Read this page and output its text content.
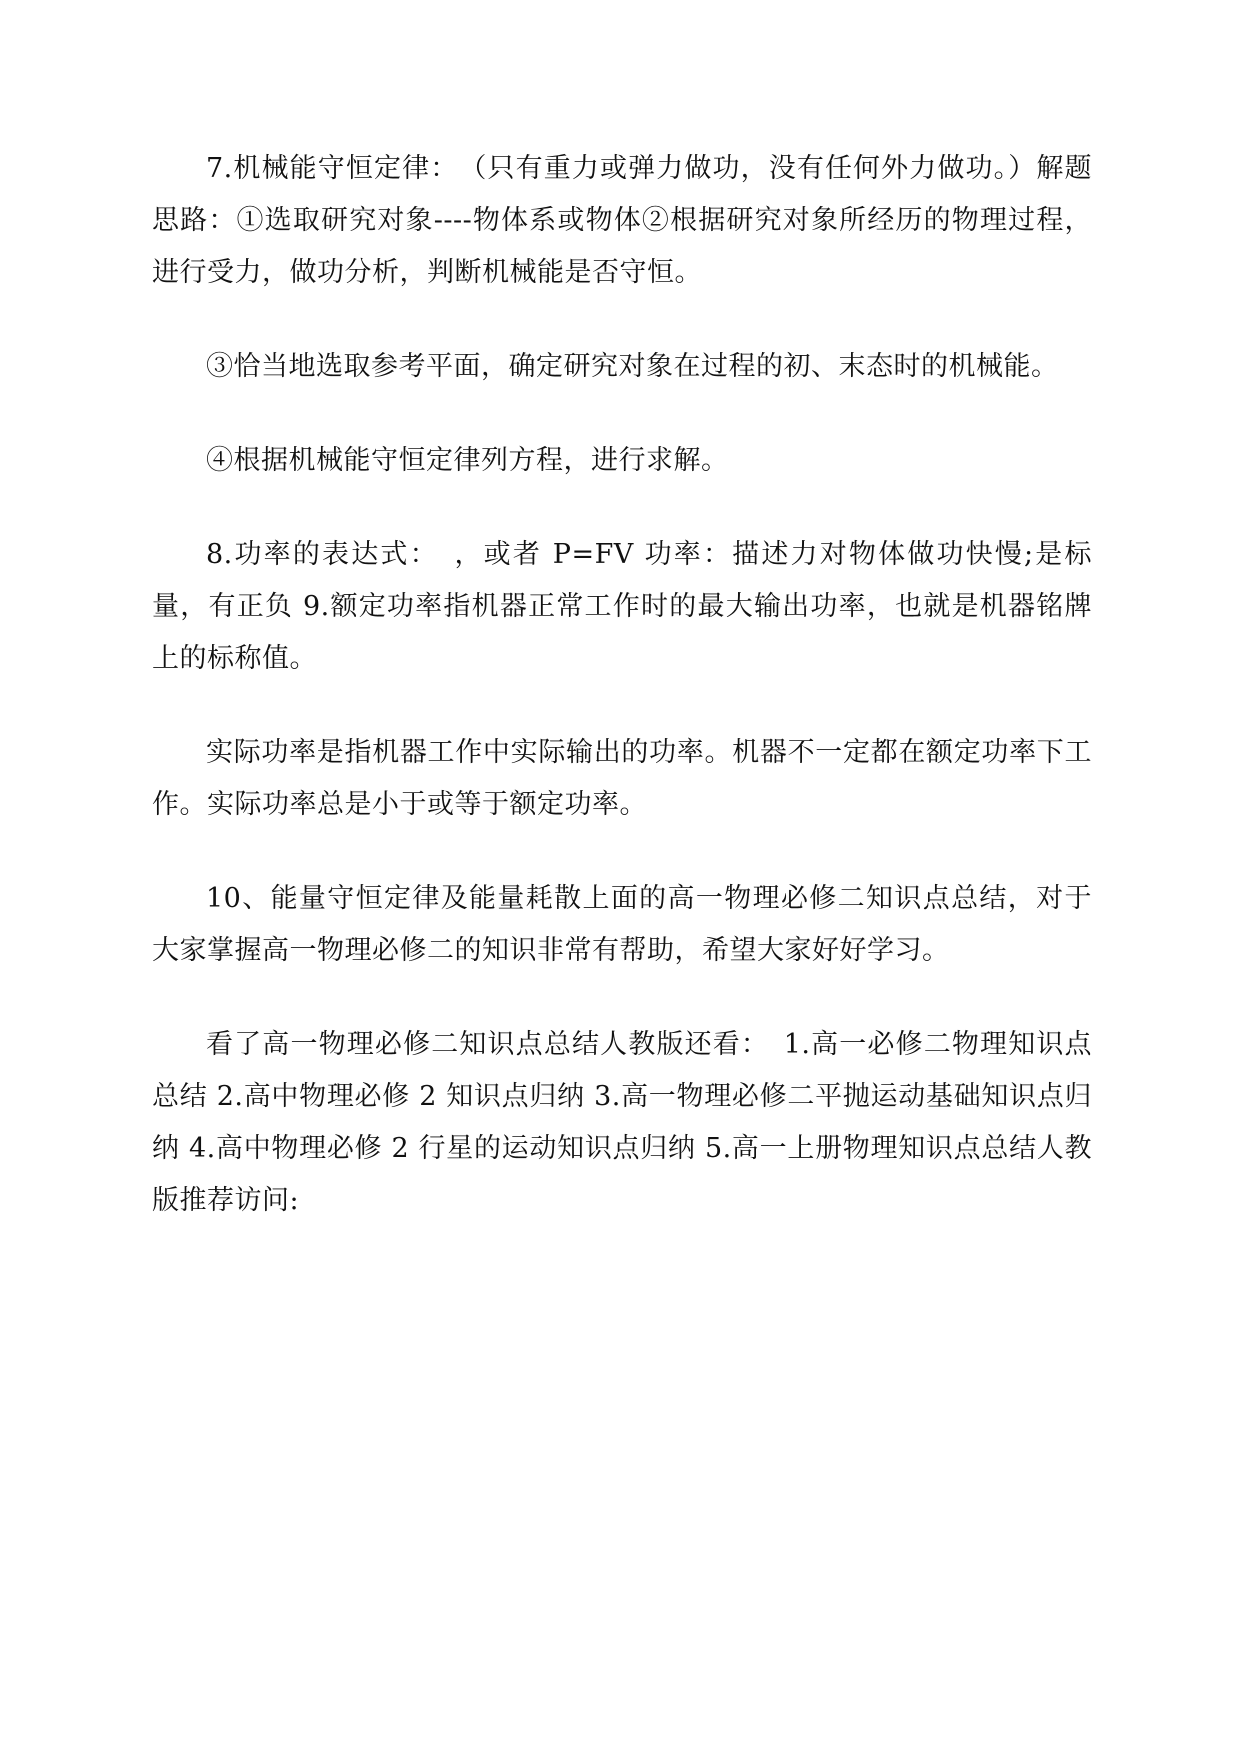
7.机械能守恒定律：　（只有重力或弹力做功，没有任何外力做功。）解题思路：①选取研究对象----物体系或物体②根据研究对象所经历的物理过程，进行受力，做功分析，判断机械能是否守恒。

③恰当地选取参考平面，确定研究对象在过程的初、末态时的机械能。

④根据机械能守恒定律列方程，进行求解。

8.功率的表达式：　，或者 P=FV 功率：描述力对物体做功快慢;是标量，有正负 9.额定功率指机器正常工作时的最大输出功率，也就是机器铭牌上的标称值。

实际功率是指机器工作中实际输出的功率。机器不一定都在额定功率下工作。实际功率总是小于或等于额定功率。

10、能量守恒定律及能量耗散上面的高一物理必修二知识点总结，对于大家掌握高一物理必修二的知识非常有帮助，希望大家好好学习。

看了高一物理必修二知识点总结人教版还看：　1.高一必修二物理知识点总结 2.高中物理必修 2 知识点归纳 3.高一物理必修二平抛运动基础知识点归纳 4.高中物理必修 2 行星的运动知识点归纳 5.高一上册物理知识点总结人教版推荐访问:
